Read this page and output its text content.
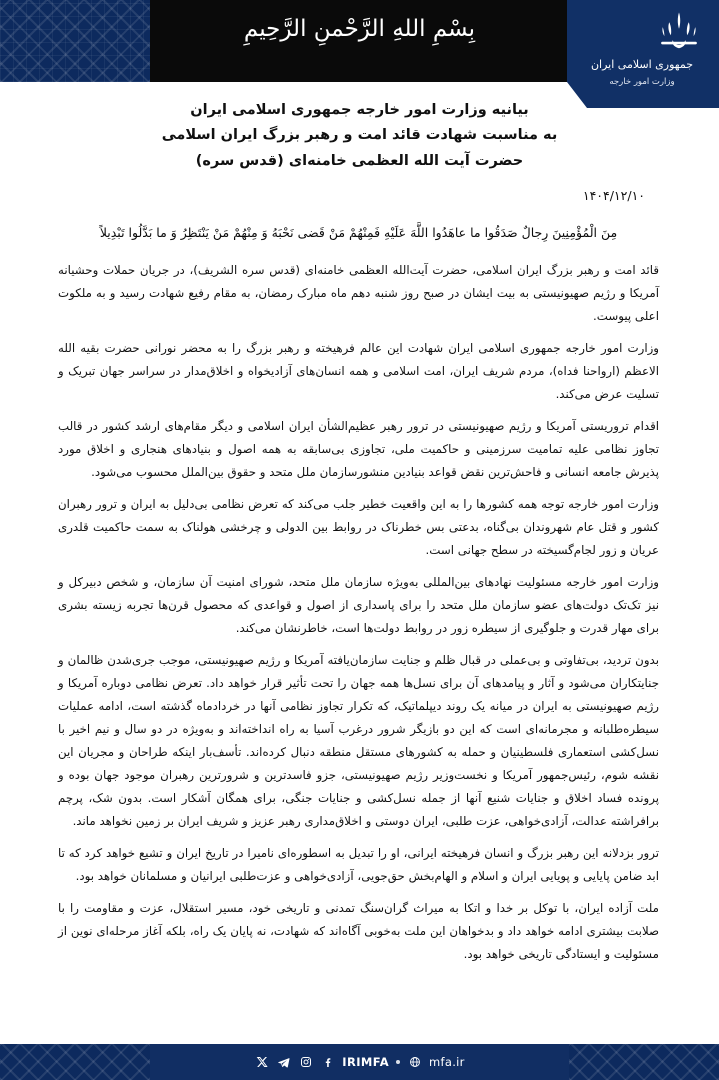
بِسْمِ اللهِ الرَّحْمنِ الرَّحِيمِ
جمهوری اسلامی ایران
وزارت امور خارجه
بیانیه وزارت امور خارجه جمهوری اسلامی ایران
به مناسبت شهادت قائد امت و رهبر بزرگ ایران اسلامی
حضرت آیت الله العظمی خامنه‌ای (قدس سره)
۱۴۰۴/۱۲/۱۰
مِنَ الْمُؤْمِنِينَ رِجالٌ صَدَقُوا ما عاهَدُوا اللَّهَ عَلَيْهِ فَمِنْهُمْ مَنْ قَضى‏ نَحْبَهُ وَ مِنْهُمْ مَنْ يَنْتَظِرُ وَ ما بَدَّلُوا تَبْدِيلاً

قائد امت و رهبر بزرگ ایران اسلامی، حضرت آیت‌الله العظمی خامنه‌ای (قدس سره الشریف)، در جریان حملات وحشیانه آمریکا و رژیم صهیونیستی به بیت ایشان در صبح روز شنبه دهم ماه مبارک رمضان، به مقام رفیع شهادت رسید و به ملکوت اعلی پیوست.

وزارت امور خارجه جمهوری اسلامی ایران شهادت این عالم فرهیخته و رهبر بزرگ را به محضر نورانی حضرت بقیه الله الاعظم (ارواحنا فداه)، مردم شریف ایران، امت اسلامی و همه انسان‌های آزادیخواه و اخلاق‌مدار در سراسر جهان تبریک و تسلیت عرض می‌کند.

اقدام تروریستی آمریکا و رژیم صهیونیستی در ترور رهبر عظیم‌الشأن ایران اسلامی و دیگر مقام‌های ارشد کشور در قالب تجاوز نظامی علیه تمامیت سرزمینی و حاکمیت ملی، تجاوزی بی‌سابقه به همه اصول و بنیادهای هنجاری و اخلاق مورد پذیرش جامعه انسانی و فاحش‌ترین نقض قواعد بنیادین منشورسازمان ملل متحد و حقوق بین‌الملل محسوب می‌شود.

وزارت امور خارجه توجه همه کشورها را به این واقعیت خطیر جلب می‌کند که تعرض نظامی بی‌دلیل به ایران و ترور رهبران کشور و قتل عام شهروندان بی‌گناه، بدعتی بس خطرناک در روابط بین الدولی و چرخشی هولناک به سمت حاکمیت قلدری عریان و زور لجام‌گسیخته در سطح جهانی است.

وزارت امور خارجه مسئولیت نهادهای بین‌المللی به‌ویژه سازمان ملل متحد، شورای امنیت آن سازمان، و شخص دبیرکل و نیز تک‌تک دولت‌های عضو سازمان ملل متحد را برای پاسداری از اصول و قواعدی که محصول قرن‌ها تجربه زیسته بشری برای مهار قدرت و جلوگیری از سیطره زور در روابط دولت‌ها است، خاطرنشان می‌کند.

بدون تردید، بی‌تفاوتی و بی‌عملی در قبال ظلم و جنایت سازمان‌یافته آمریکا و رژیم صهیونیستی، موجب جری‌شدن ظالمان و جنایتکاران می‌شود و آثار و پیامدهای آن برای نسل‌ها همه جهان را تحت تأثیر قرار خواهد داد. تعرض نظامی دوباره آمریکا و رژیم صهیونیستی به ایران در میانه یک روند دیپلماتیک، که تکرار تجاوز نظامی آنها در خردادماه گذشته است، ادامه عملیات سیطره‌طلبانه و مجرمانه‌ای است که این دو بازیگر شرور درغرب آسیا به راه انداخته‌اند و به‌ویژه در دو سال و نیم اخیر با نسل‌کشی استعماری فلسطینیان و حمله به کشورهای مستقل منطقه دنبال کرده‌اند. تأسف‌بار اینکه طراحان و مجریان این نقشه شوم، رئیس‌جمهور آمریکا و نخست‌وزیر رژیم صهیونیستی، جزو فاسدترین و شرورترین رهبران موجود جهان بوده و پرونده فساد اخلاق و جنایات شنیع آنها از جمله نسل‌کشی و جنایات جنگی، برای همگان آشکار است. بدون شک، پرچم برافراشته عدالت، آزادی‌خواهی، عزت طلبی، ایران دوستی و اخلاق‌مداری رهبر عزیز و شریف ایران بر زمین نخواهد ماند.

ترور بزدلانه این رهبر بزرگ و انسان فرهیخته ایرانی، او را تبدیل به اسطوره‌ای نامیرا در تاریخ ایران و تشیع خواهد کرد که تا ابد ضامن پایایی و پویایی ایران و اسلام و الهام‌بخش حق‌جویی، آزادی‌خواهی و عزت‌طلبی ایرانیان و مسلمانان خواهد بود.

ملت آزاده ایران، با توکل بر خدا و اتکا به میراث گران‌سنگ تمدنی و تاریخی خود، مسیر استقلال، عزت و مقاومت را با صلابت بیشتری ادامه خواهد داد و بدخواهان این ملت به‌خوبی آگاه‌اند که شهادت، نه پایان یک راه، بلکه آغاز مرحله‌ای نوین از مسئولیت و ایستادگی تاریخی خواهد بود.

IRIMFA	mfa.ir
